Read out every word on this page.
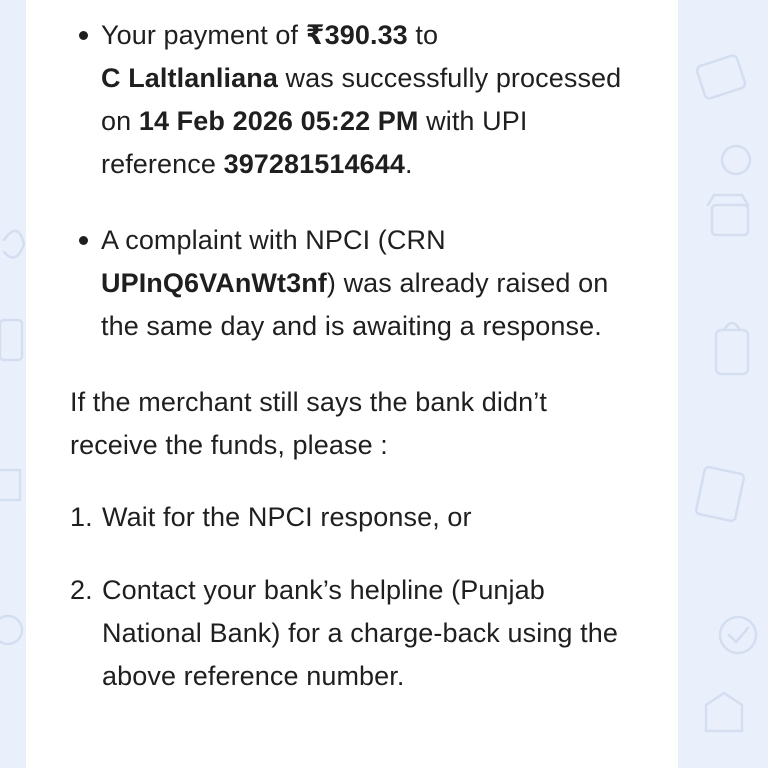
Your payment of ₹390.33 to
C Laltlanliana was successfully processed on 14 Feb 2026 05:22 PM with UPI reference 397281514644.
A complaint with NPCI (CRN
UPInQ6VAnWt3nf) was already raised on the same day and is awaiting a response.

If the merchant still says the bank didn’t receive the funds, please :

1. Wait for the NPCI response, or
2. Contact your bank’s helpline (Punjab National Bank) for a charge-back using the above reference number.
